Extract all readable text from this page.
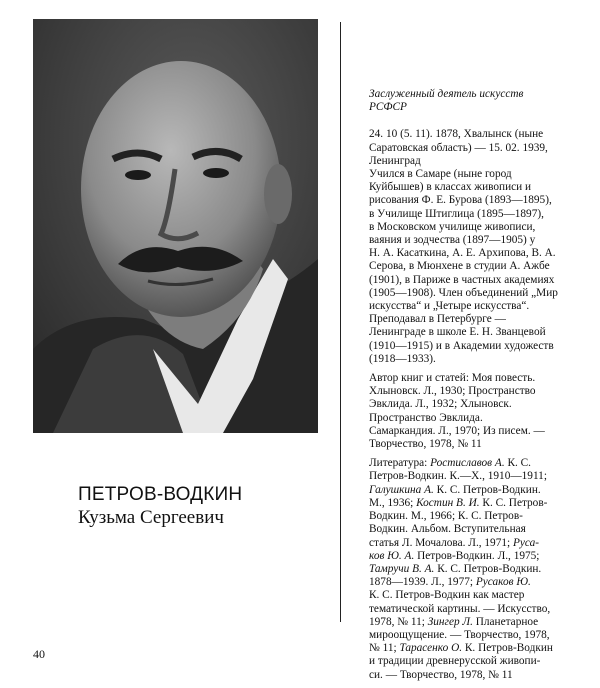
ПЕТРОВ-ВОДКИН
Кузьма Сергеевич
Заслуженный деятель искусств
РСФСР
24. 10 (5. 11). 1878, Хвалынск (ныне
Саратовская область) — 15. 02. 1939,
Ленинград
Учился в Самаре (ныне город
Куйбышев) в классах живописи и
рисования Ф. Е. Бурова (1893—1895),
в Училище Штиглица (1895—1897),
в Московском училище живописи,
ваяния и зодчества (1897—1905) у
Н. А. Касаткина, А. Е. Архипова, В. А.
Серова, в Мюнхене в студии А. Ажбе
(1901), в Париже в частных академиях
(1905—1908). Член объединений „Мир
искусства“ и „Четыре искусства“.
Преподавал в Петербурге —
Ленинграде в школе Е. Н. Званцевой
(1910—1915) и в Академии художеств
(1918—1933).
Автор книг и статей: Моя повесть.
Хлыновск. Л., 1930; Пространство
Эвклида. Л., 1932; Хлыновск.
Пространство Эвклида.
Самаркандия. Л., 1970; Из писем. —
Творчество, 1978, № 11
Литература: Ростиславов А. К. С.
Петров-Водкин. К.—Х., 1910—1911;
Галушкина А. К. С. Петров-Водкин.
М., 1936; Костин В. И. К. С. Петров-
Водкин. М., 1966; К. С. Петров-
Водкин. Альбом. Вступительная
статья Л. Мочалова. Л., 1971; Руса-
ков Ю. А. Петров-Водкин. Л., 1975;
Тамручи В. А. К. С. Петров-Водкин.
1878—1939. Л., 1977; Русаков Ю.
К. С. Петров-Водкин как мастер
тематической картины. — Искусство,
1978, № 11; Зингер Л. Планетарное
мироощущение. — Творчество, 1978,
№ 11; Тарасенко О. К. Петров-Водкин
и традиции древнерусской живопи-
си. — Творчество, 1978, № 11
40
